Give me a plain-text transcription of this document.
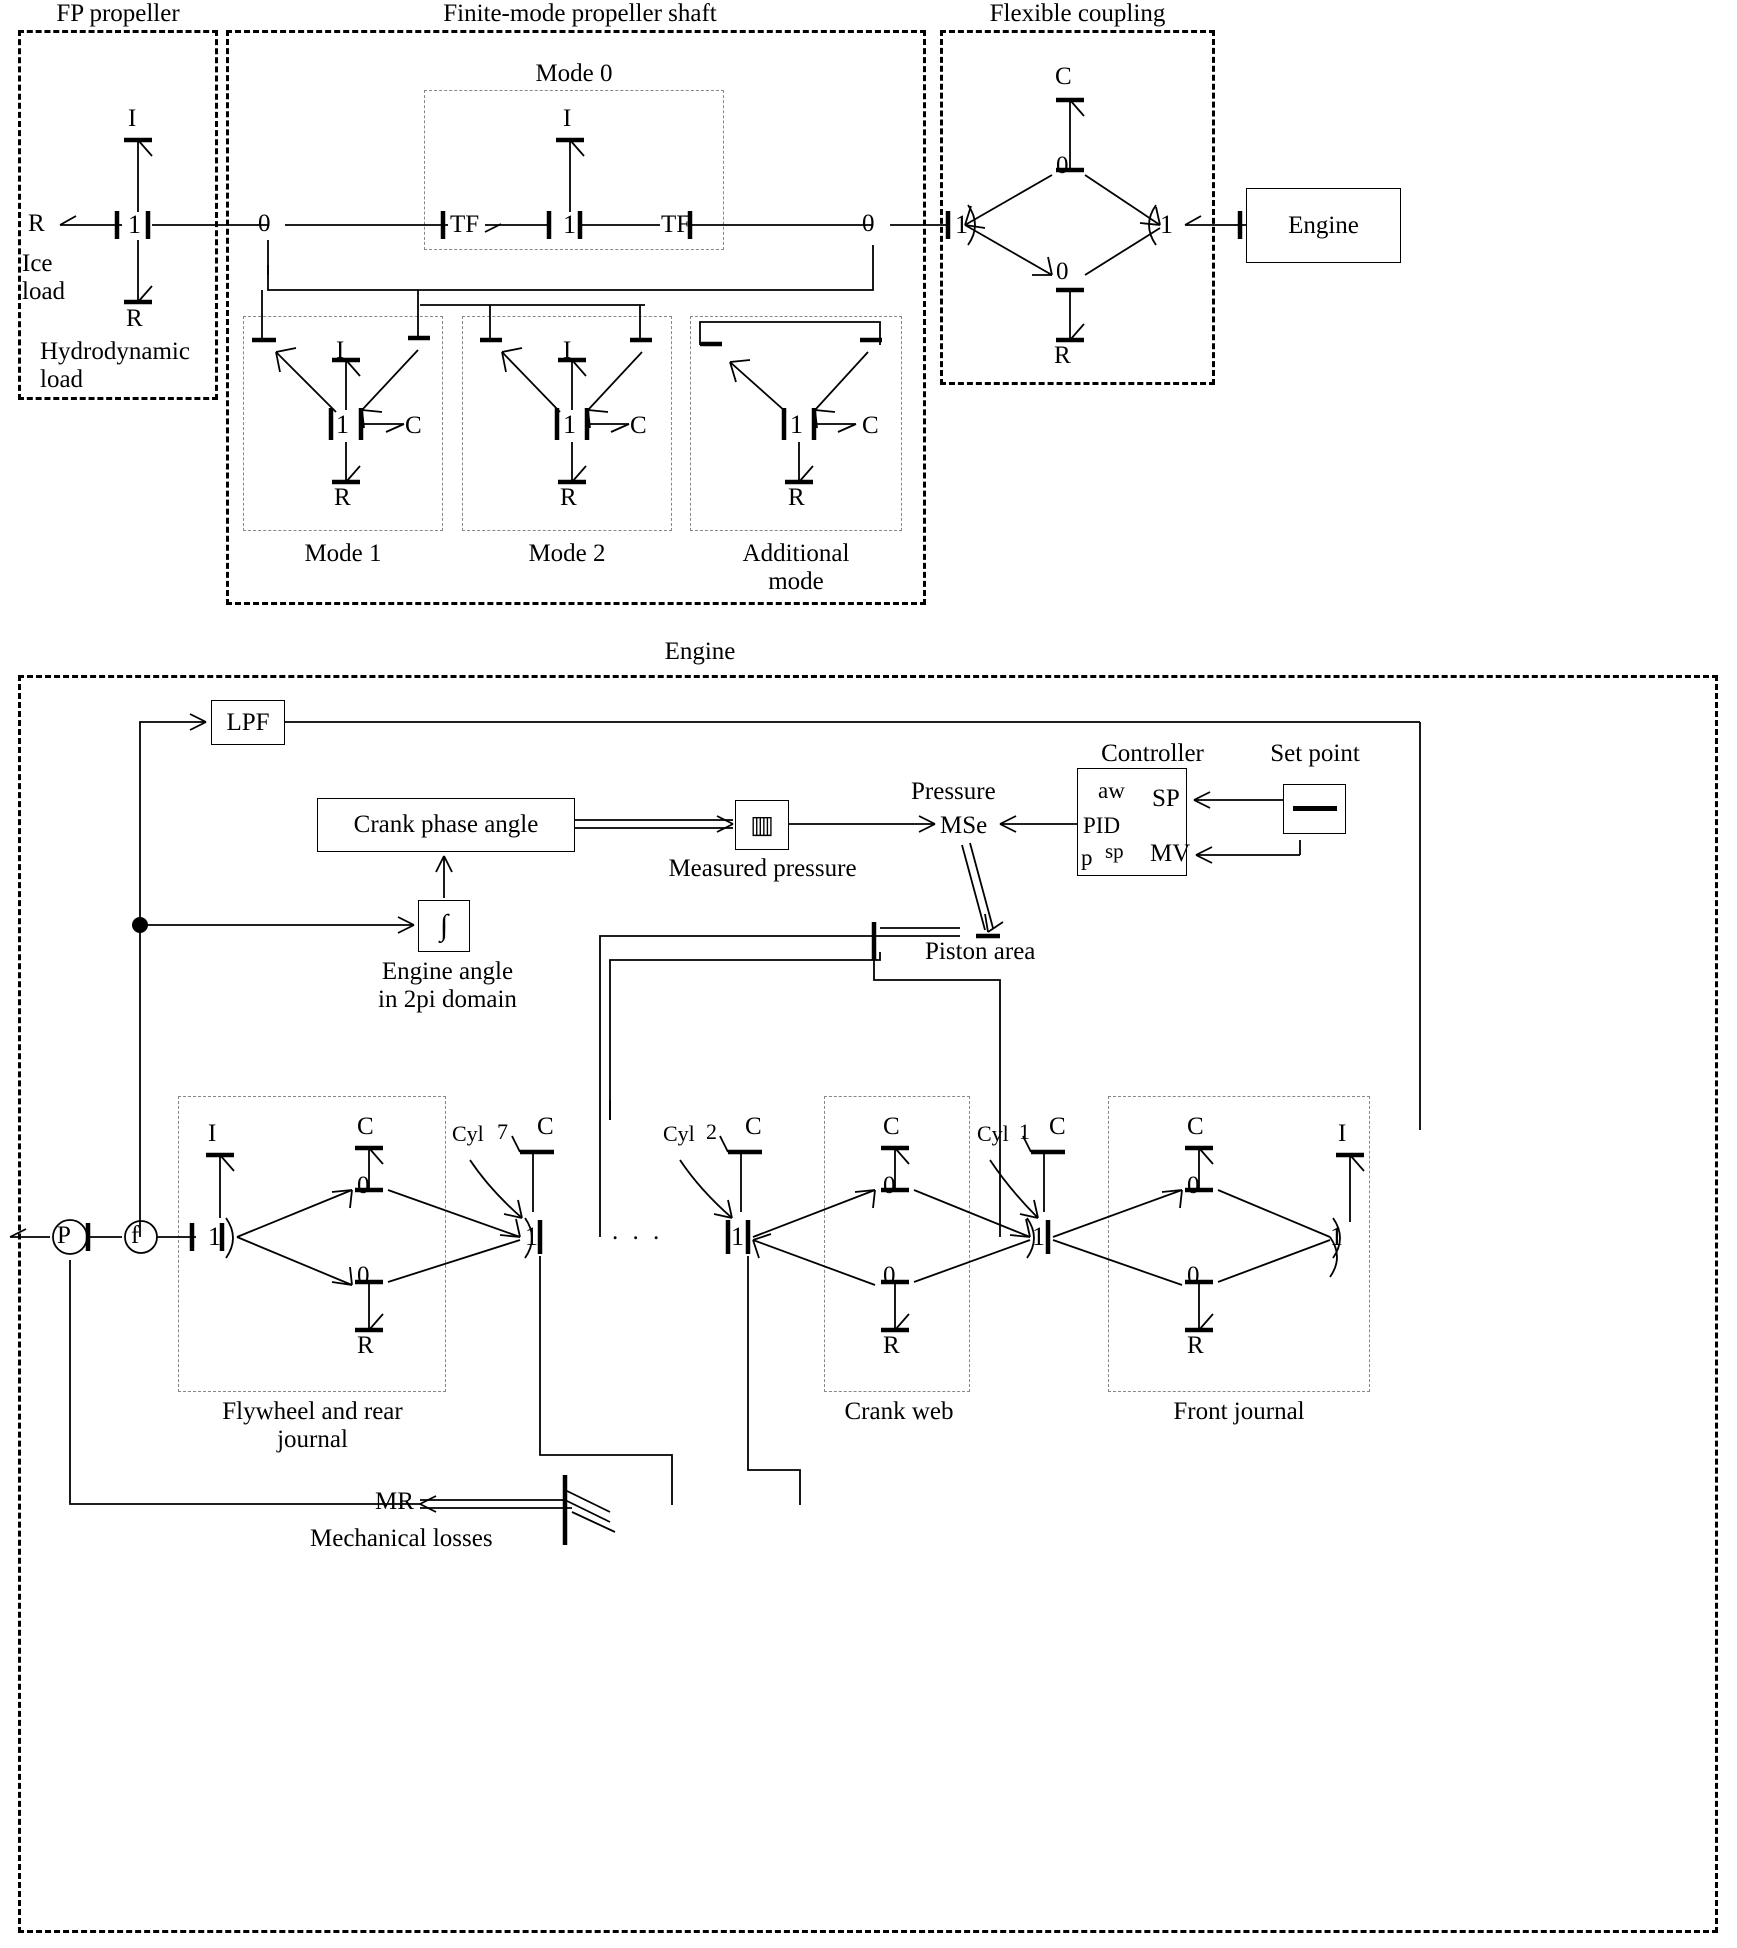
FP propeller	Finite-mode propeller shaft	Flexible coupling
Engine
1
I
R
R
Ice
load
Hydrodynamic
load
Mode 0
TF	TF
1
I
0	0
Mode 1
1
I
C
R
Mode 2
1
I
C
R
Additional
mode
1 C
R
1	1
0
0
C
R
Engine
LPF
Crank phase angle
Measured pressure
▥
Pressure
MSe
∫
Engine angle
in 2pi domain
Piston area
Controller
aw
PID
p sp
SP
MV
Set point
P f	. . .
Flywheel and rear
journal
1
I	C
0
0
R
Crank web
C
0
0
R
Front journal
1
I
C
0
0
R
Cyl 7 C
1
Cyl 2 C
1
Cyl 1 C
1
MR
Mechanical losses
